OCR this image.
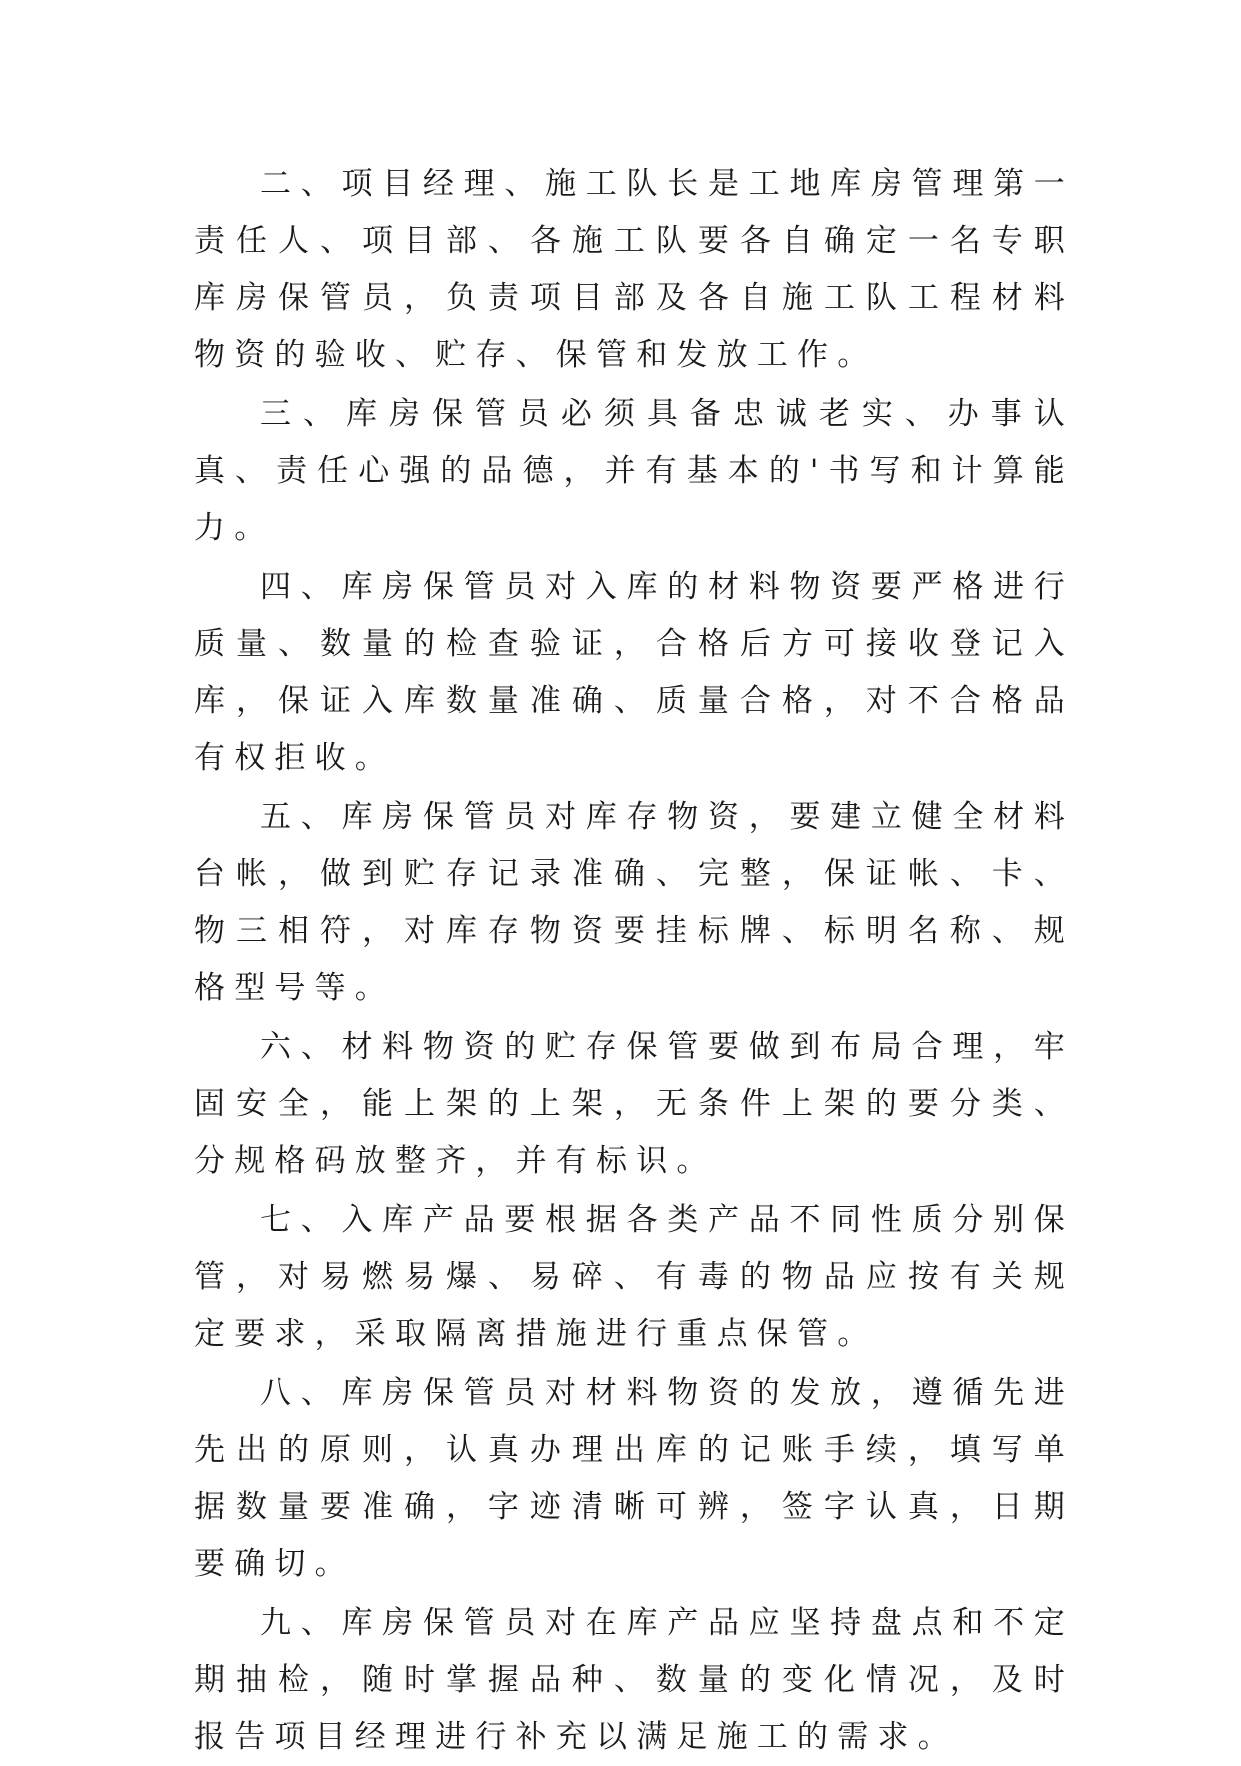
二、项目经理、施工队长是工地库房管理第一责任人、项目部、各施工队要各自确定一名专职库房保管员，负责项目部及各自施工队工程材料物资的验收、贮存、保管和发放工作。

三、库房保管员必须具备忠诚老实、办事认真、责任心强的品德，并有基本的'书写和计算能力。

四、库房保管员对入库的材料物资要严格进行质量、数量的检查验证，合格后方可接收登记入库，保证入库数量准确、质量合格，对不合格品有权拒收。

五、库房保管员对库存物资，要建立健全材料台帐，做到贮存记录准确、完整，保证帐、卡、物三相符，对库存物资要挂标牌、标明名称、规格型号等。

六、材料物资的贮存保管要做到布局合理，牢固安全，能上架的上架，无条件上架的要分类、分规格码放整齐，并有标识。

七、入库产品要根据各类产品不同性质分别保管，对易燃易爆、易碎、有毒的物品应按有关规定要求，采取隔离措施进行重点保管。

八、库房保管员对材料物资的发放，遵循先进先出的原则，认真办理出库的记账手续，填写单据数量要准确，字迹清晰可辨，签字认真，日期要确切。

九、库房保管员对在库产品应坚持盘点和不定期抽检，随时掌握品种、数量的变化情况，及时报告项目经理进行补充以满足施工的需求。
